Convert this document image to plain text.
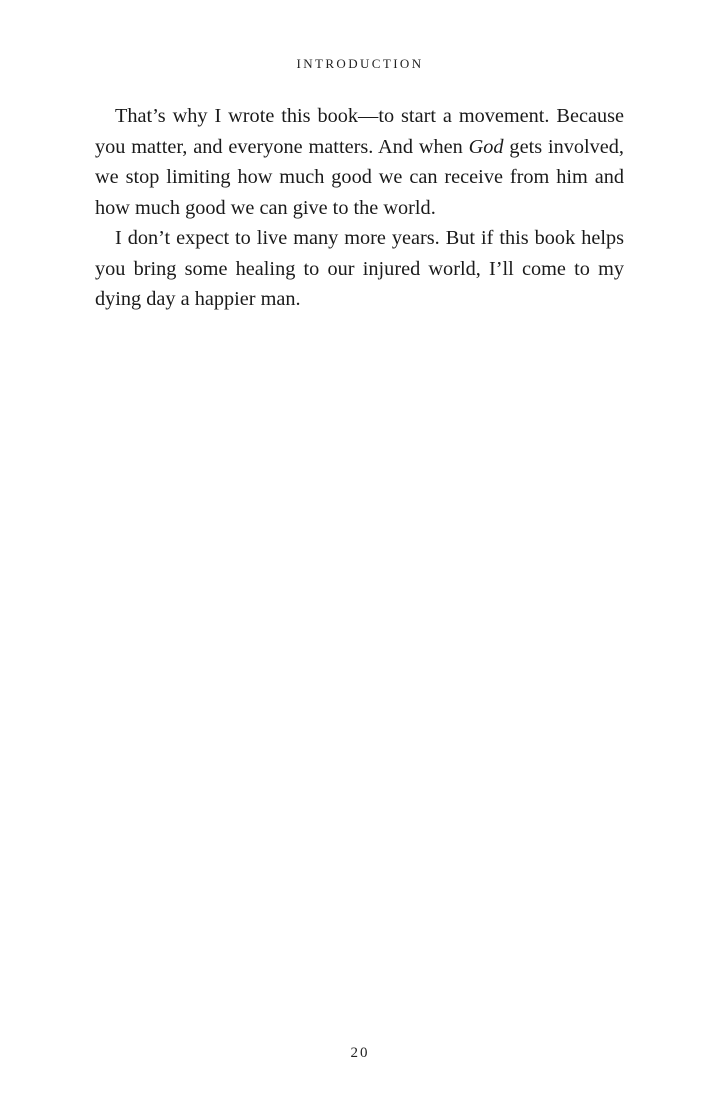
INTRODUCTION

That’s why I wrote this book—to start a movement. Because you matter, and everyone matters. And when God gets involved, we stop limiting how much good we can receive from him and how much good we can give to the world.

I don’t expect to live many more years. But if this book helps you bring some healing to our injured world, I’ll come to my dying day a happier man.

20
